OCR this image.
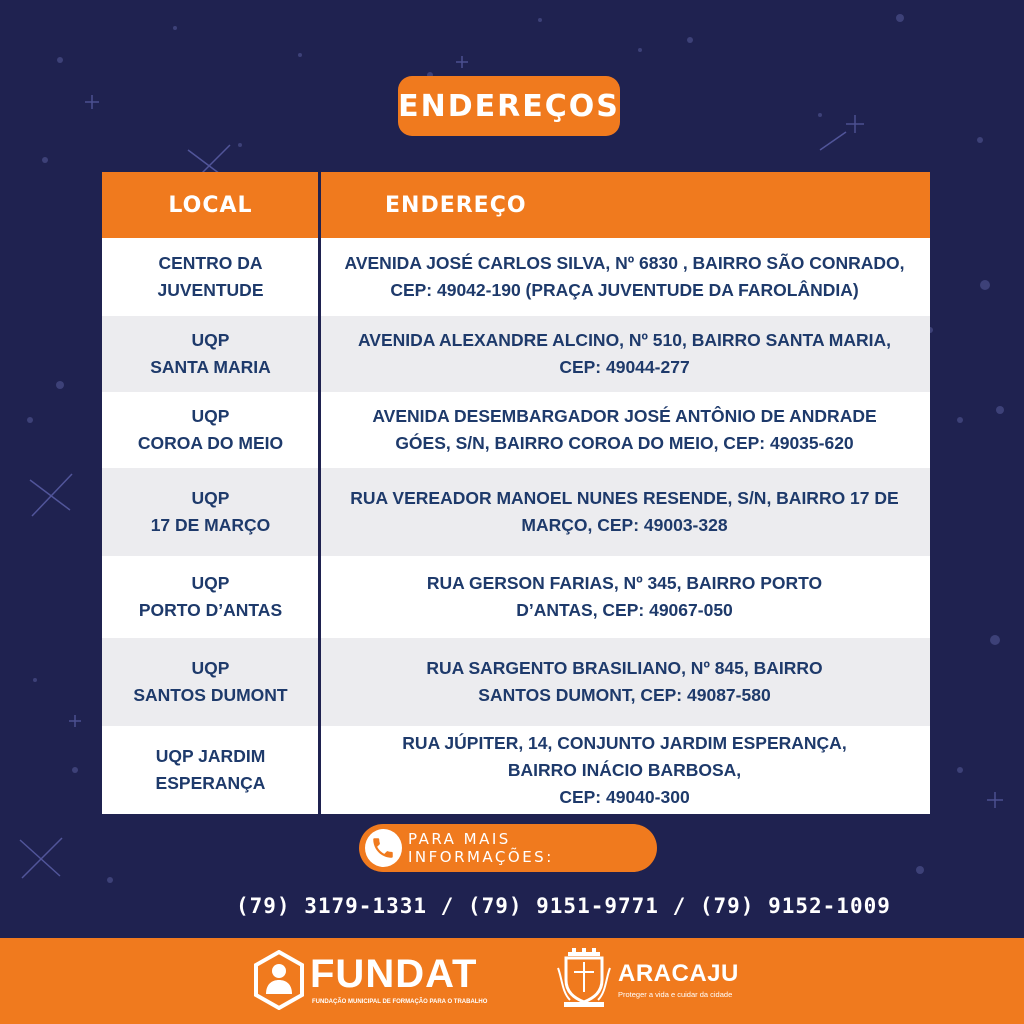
ENDEREÇOS
LOCAL	ENDEREÇO
CENTRO DA
JUVENTUDE
AVENIDA JOSÉ CARLOS SILVA, Nº 6830 , BAIRRO SÃO CONRADO,
CEP: 49042-190 (PRAÇA JUVENTUDE DA FAROLÂNDIA)
UQP
SANTA MARIA
AVENIDA ALEXANDRE ALCINO, Nº 510, BAIRRO SANTA MARIA,
CEP: 49044-277
UQP
COROA DO MEIO
AVENIDA DESEMBARGADOR JOSÉ ANTÔNIO DE ANDRADE
GÓES, S/N, BAIRRO COROA DO MEIO, CEP: 49035-620
UQP
17 DE MARÇO
RUA VEREADOR MANOEL NUNES RESENDE, S/N, BAIRRO 17 DE
MARÇO, CEP: 49003-328
UQP
PORTO D’ANTAS
RUA GERSON FARIAS, Nº 345, BAIRRO PORTO
D’ANTAS, CEP: 49067-050
UQP
SANTOS DUMONT
RUA SARGENTO BRASILIANO, Nº 845, BAIRRO
SANTOS DUMONT, CEP: 49087-580
UQP JARDIM
ESPERANÇA
RUA JÚPITER, 14, CONJUNTO JARDIM ESPERANÇA,
BAIRRO INÁCIO BARBOSA,
CEP: 49040-300
PARA MAIS INFORMAÇÕES:
(79) 3179-1331 / (79) 9151-9771 / (79) 9152-1009
FUNDAT
FUNDAÇÃO MUNICIPAL DE FORMAÇÃO PARA O TRABALHO
ARACAJU
Proteger a vida e cuidar da cidade
